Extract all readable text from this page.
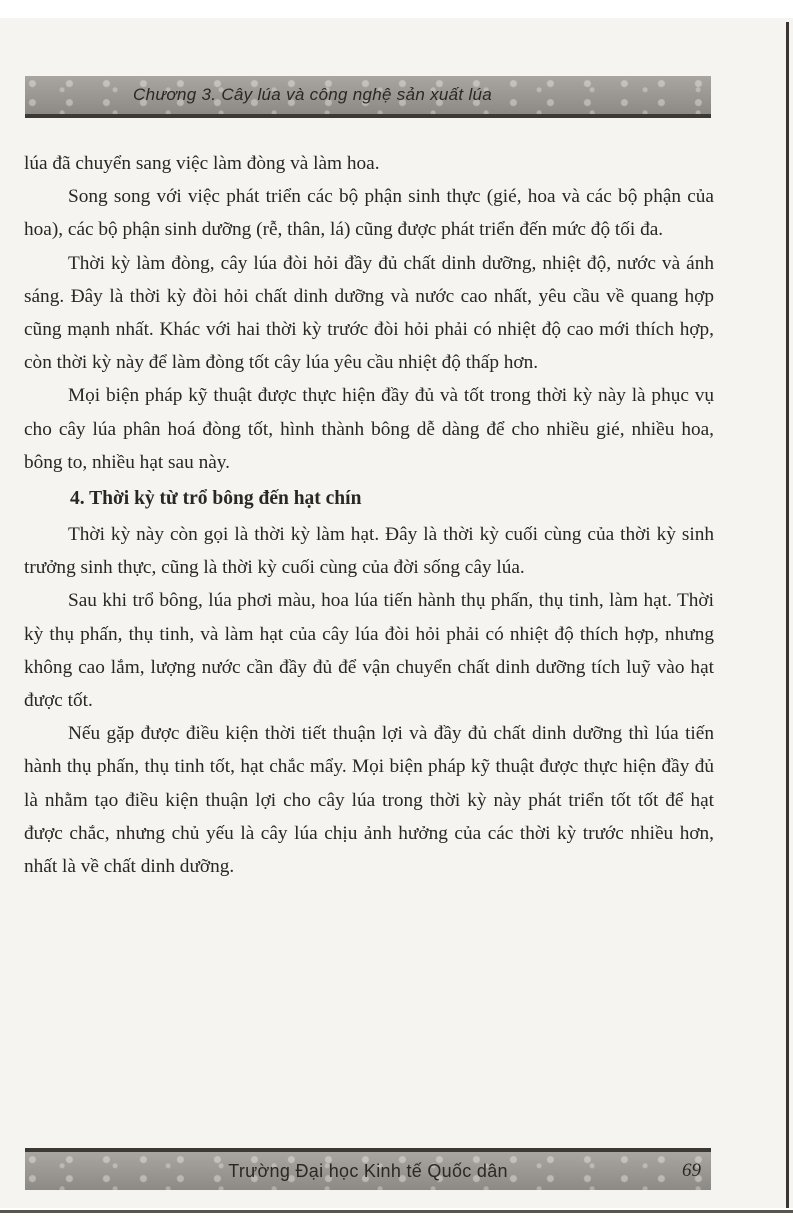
Chương 3. Cây lúa và công nghệ sản xuất lúa

lúa đã chuyển sang việc làm đòng và làm hoa.

Song song với việc phát triển các bộ phận sinh thực (gié, hoa và các bộ phận của hoa), các bộ phận sinh dưỡng (rễ, thân, lá) cũng được phát triển đến mức độ tối đa.

Thời kỳ làm đòng, cây lúa đòi hỏi đầy đủ chất dinh dưỡng, nhiệt độ, nước và ánh sáng. Đây là thời kỳ đòi hỏi chất dinh dưỡng và nước cao nhất, yêu cầu về quang hợp cũng mạnh nhất. Khác với hai thời kỳ trước đòi hỏi phải có nhiệt độ cao mới thích hợp, còn thời kỳ này để làm đòng tốt cây lúa yêu cầu nhiệt độ thấp hơn.

Mọi biện pháp kỹ thuật được thực hiện đầy đủ và tốt trong thời kỳ này là phục vụ cho cây lúa phân hoá đòng tốt, hình thành bông dễ dàng để cho nhiều gié, nhiều hoa, bông to, nhiều hạt sau này.

4. Thời kỳ từ trổ bông đến hạt chín

Thời kỳ này còn gọi là thời kỳ làm hạt. Đây là thời kỳ cuối cùng của thời kỳ sinh trưởng sinh thực, cũng là thời kỳ cuối cùng của đời sống cây lúa.

Sau khi trổ bông, lúa phơi màu, hoa lúa tiến hành thụ phấn, thụ tinh, làm hạt. Thời kỳ thụ phấn, thụ tinh, và làm hạt của cây lúa đòi hỏi phải có nhiệt độ thích hợp, nhưng không cao lắm, lượng nước cần đầy đủ để vận chuyển chất dinh dưỡng tích luỹ vào hạt được tốt.

Nếu gặp được điều kiện thời tiết thuận lợi và đầy đủ chất dinh dưỡng thì lúa tiến hành thụ phấn, thụ tinh tốt, hạt chắc mẩy. Mọi biện pháp kỹ thuật được thực hiện đầy đủ là nhằm tạo điều kiện thuận lợi cho cây lúa trong thời kỳ này phát triển tốt tốt để hạt được chắc, nhưng chủ yếu là cây lúa chịu ảnh hưởng của các thời kỳ trước nhiều hơn, nhất là về chất dinh dưỡng.

Trường Đại học Kinh tế Quốc dân	69
